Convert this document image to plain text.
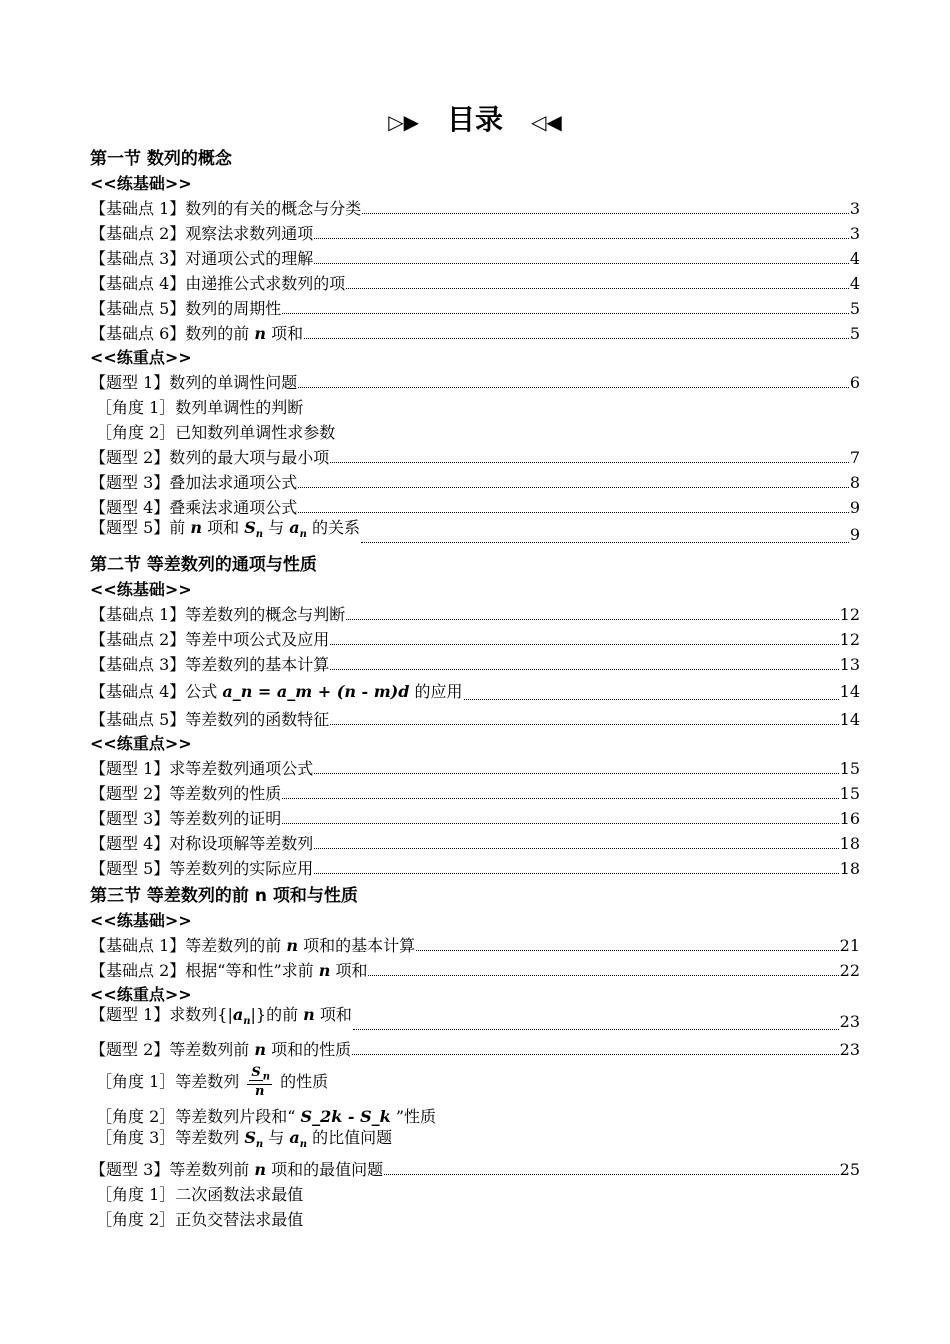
▷▶ 目录 ◁◀
第一节 数列的概念
<<练基础>>
【基础点 1】数列的有关的概念与分类	3
【基础点 2】观察法求数列通项	3
【基础点 3】对通项公式的理解	4
【基础点 4】由递推公式求数列的项	4
【基础点 5】数列的周期性	5
【基础点 6】数列的前 n 项和	5
<<练重点>>
【题型 1】数列的单调性问题	6
［角度 1］数列单调性的判断
［角度 2］已知数列单调性求参数
【题型 2】数列的最大项与最小项	7
【题型 3】叠加法求通项公式	8
【题型 4】叠乘法求通项公式	9
【题型 5】前 n 项和 $S_n$ 与 $a_n$ 的关系	9
第二节 等差数列的通项与性质
<<练基础>>
【基础点 1】等差数列的概念与判断	12
【基础点 2】等差中项公式及应用	12
【基础点 3】等差数列的基本计算	13
【基础点 4】公式 a_n = a_m + (n - m)d 的应用	14
【基础点 5】等差数列的函数特征	14
<<练重点>>
【题型 1】求等差数列通项公式	15
【题型 2】等差数列的性质	15
【题型 3】等差数列的证明	16
【题型 4】对称设项解等差数列	18
【题型 5】等差数列的实际应用	18
第三节 等差数列的前 n 项和与性质
<<练基础>>
【基础点 1】等差数列的前 n 项和的基本计算	21
【基础点 2】根据“等和性”求前 n 项和	22
<<练重点>>
【题型 1】求数列$\{|a_n|\}$的前 n 项和	23
【题型 2】等差数列前 n 项和的性质	23
［角度 1］等差数列 $\frac{S _n}{n}$ 的性质
［角度 2］等差数列片段和“ S_2k - S_k ”性质
［角度 3］等差数列 $S_n$ 与 $a_n$ 的比值问题
【题型 3】等差数列前 n 项和的最值问题	25
［角度 1］二次函数法求最值
［角度 2］正负交替法求最值
